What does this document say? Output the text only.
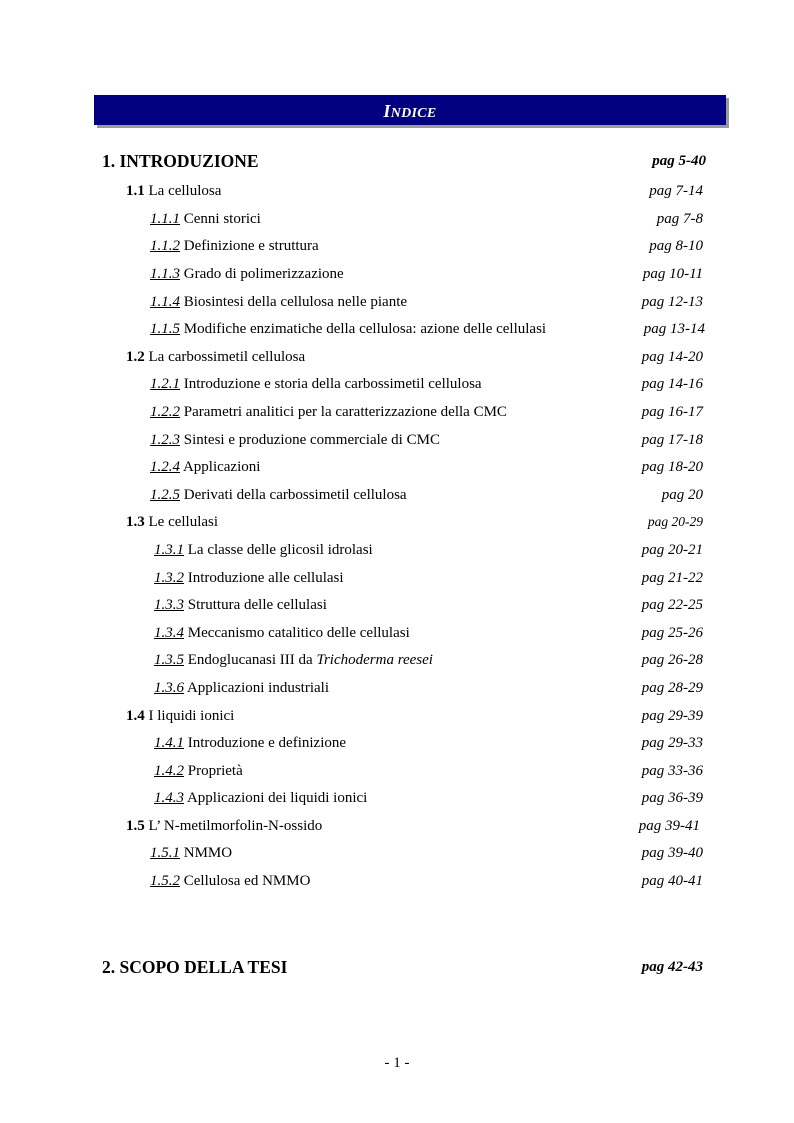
INDICE
1. INTRODUZIONE	pag 5-40
1.1 La cellulosa	pag 7-14
1.1.1 Cenni storici	pag 7-8
1.1.2 Definizione e struttura	pag 8-10
1.1.3 Grado di polimerizzazione	pag 10-11
1.1.4 Biosintesi della cellulosa nelle piante	pag 12-13
1.1.5 Modifiche enzimatiche della cellulosa: azione delle cellulasi	pag 13-14
1.2 La carbossimetil cellulosa	pag 14-20
1.2.1 Introduzione e storia della carbossimetil cellulosa	pag 14-16
1.2.2 Parametri analitici per la caratterizzazione della CMC	pag 16-17
1.2.3 Sintesi e produzione commerciale di CMC	pag 17-18
1.2.4 Applicazioni	pag 18-20
1.2.5 Derivati della carbossimetil cellulosa	pag 20
1.3 Le cellulasi	pag 20-29
1.3.1 La classe delle glicosil idrolasi	pag 20-21
1.3.2 Introduzione alle cellulasi	pag 21-22
1.3.3 Struttura delle cellulasi	pag 22-25
1.3.4 Meccanismo catalitico delle cellulasi	pag 25-26
1.3.5 Endoglucanasi III da Trichoderma reesei	pag 26-28
1.3.6 Applicazioni industriali	pag 28-29
1.4 I liquidi ionici	pag 29-39
1.4.1 Introduzione e definizione	pag 29-33
1.4.2 Proprietà	pag 33-36
1.4.3 Applicazioni dei liquidi ionici	pag 36-39
1.5 L’ N-metilmorfolin-N-ossido	pag 39-41
1.5.1 NMMO	pag 39-40
1.5.2 Cellulosa ed NMMO	pag 40-41
2. SCOPO DELLA TESI	pag 42-43
- 1 -
